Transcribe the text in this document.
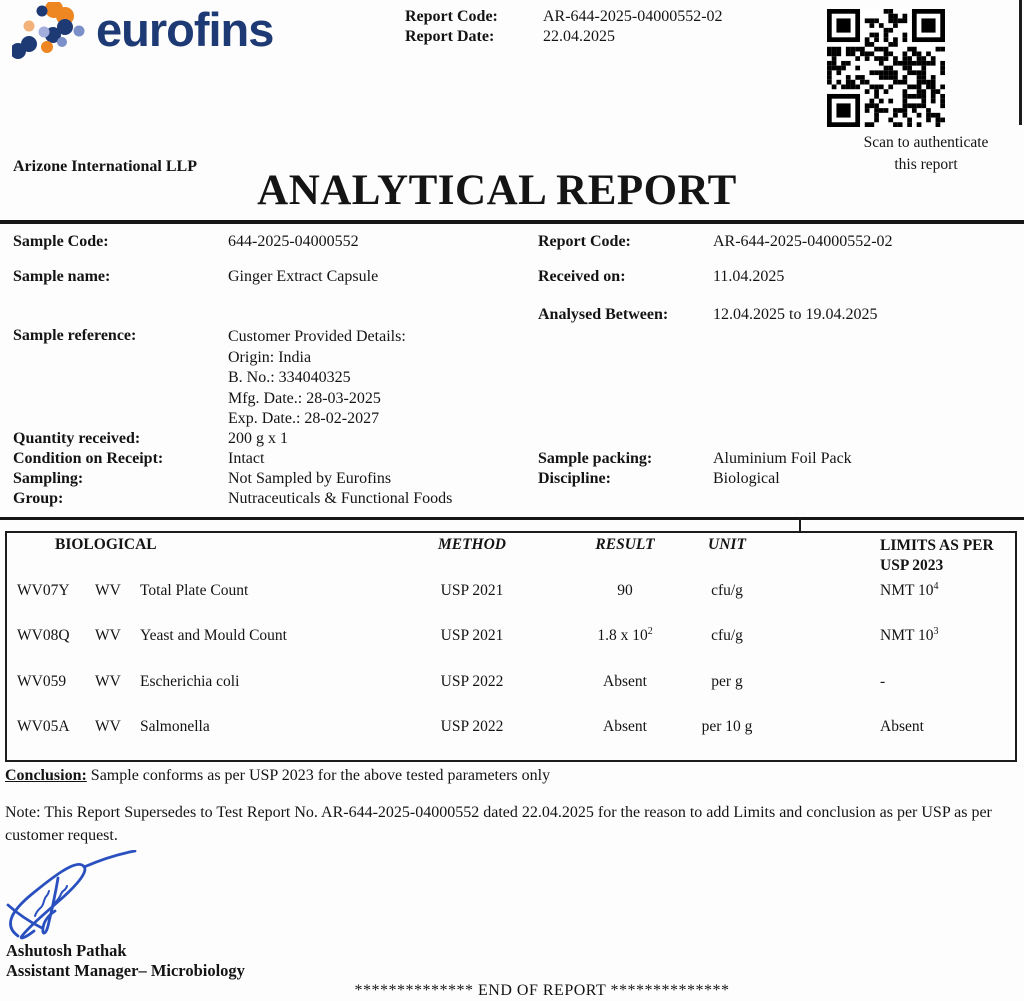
eurofins	Report Code:	AR-644-2025-04000552-02
Report Date:	22.04.2025
Scan to authenticate
this report
Arizone International LLP
ANALYTICAL REPORT
Sample Code:	644-2025-04000552	Report Code:	AR-644-2025-04000552-02
Sample name:	Ginger Extract Capsule	Received on:	11.04.2025
Analysed Between:	12.04.2025 to 19.04.2025
Sample reference:	Customer Provided Details:
Origin: India
B. No.: 334040325
Mfg. Date.: 28-03-2025
Exp. Date.: 28-02-2027
Quantity received:	200 g x 1
Condition on Receipt:	Intact	Sample packing:	Aluminium Foil Pack
Sampling:	Not Sampled by Eurofins	Discipline:	Biological
Group:	Nutraceuticals & Functional Foods
BIOLOGICAL	METHOD	RESULT	UNIT	LIMITS AS PER
USP 2023
WV07Y WV Total Plate Count	USP 2021	90	cfu/g	NMT $10^4$
WV08Q WV Yeast and Mould Count	USP 2021	1.8 x $10^2$	cfu/g	NMT $10^3$
WV059 WV Escherichia coli	USP 2022	Absent	per g	-
WV05A WV Salmonella	USP 2022	Absent	per 10 g	Absent
Conclusion: Sample conforms as per USP 2023 for the above tested parameters only
Note: This Report Supersedes to Test Report No. AR-644-2025-04000552 dated 22.04.2025 for the reason to add Limits and conclusion as per USP as per customer request.
Ashutosh Pathak
Assistant Manager– Microbiology
************** END OF REPORT **************
